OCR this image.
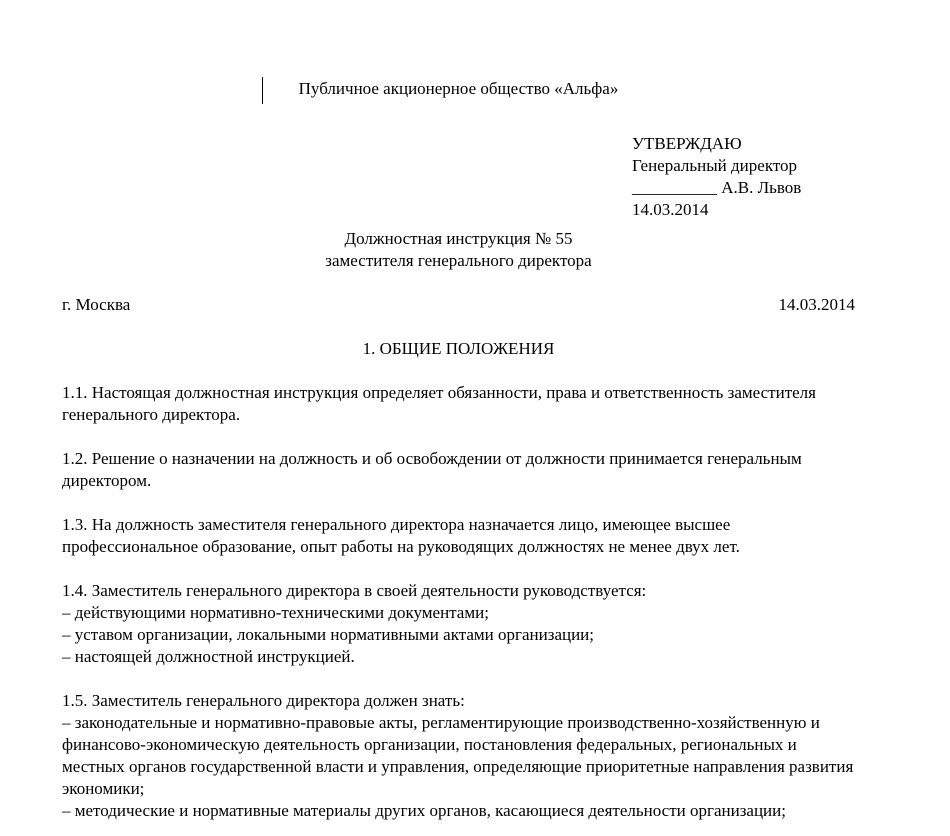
Публичное акционерное общество «Альфа»
УТВЕРЖДАЮ
Генеральный директор
__________ А.В. Львов
14.03.2014
Должностная инструкция № 55
заместителя генерального директора
г. Москва	14.03.2014
1. ОБЩИЕ ПОЛОЖЕНИЯ
1.1. Настоящая должностная инструкция определяет обязанности, права и ответственность заместителя генерального директора.
1.2. Решение о назначении на должность и об освобождении от должности принимается генеральным директором.
1.3. На должность заместителя генерального директора назначается лицо, имеющее высшее профессиональное образование, опыт работы на руководящих должностях не менее двух лет.
1.4. Заместитель генерального директора в своей деятельности руководствуется:
– действующими нормативно-техническими документами;
– уставом организации, локальными нормативными актами организации;
– настоящей должностной инструкцией.
1.5. Заместитель генерального директора должен знать:
– законодательные и нормативно-правовые акты, регламентирующие производственно-хозяйственную и финансово-экономическую деятельность организации, постановления федеральных, региональных и местных органов государственной власти и управления, определяющие приоритетные направления развития экономики;
– методические и нормативные материалы других органов, касающиеся деятельности организации;
